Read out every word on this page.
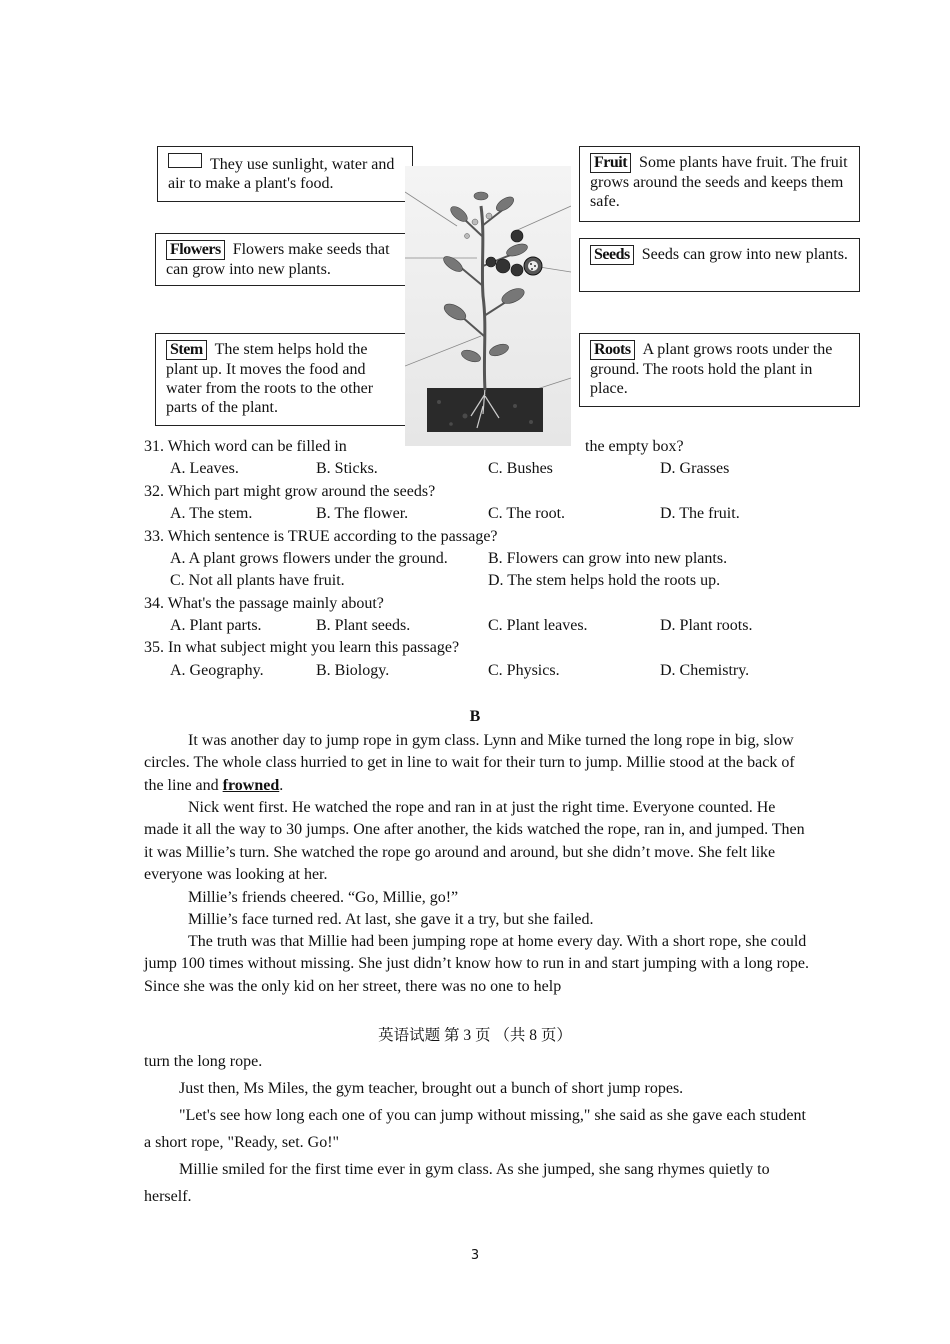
They use sunlight, water and air to make a plant's food.
Flowers Flowers make seeds that can grow into new plants.
Stem The stem helps hold the plant up. It moves the food and water from the roots to the other parts of the plant.
Fruit Some plants have fruit. The fruit grows around the seeds and keeps them safe.
Seeds Seeds can grow into new plants.
Roots A plant grows roots under the ground. The roots hold the plant in place.
31. Which word can be filled in	the empty box?
A. Leaves.	B. Sticks.	C. Bushes	D. Grasses
32. Which part might grow around the seeds?
A. The stem.	B. The flower.	C. The root.	D. The fruit.
33. Which sentence is TRUE according to the passage?
A. A plant grows flowers under the ground.	B. Flowers can grow into new plants.
C. Not all plants have fruit.	D. The stem helps hold the roots up.
34. What's the passage mainly about?
A. Plant parts.	B. Plant seeds.	C. Plant leaves.	D. Plant roots.
35. In what subject might you learn this passage?
A. Geography.	B. Biology.	C. Physics.	D. Chemistry.
B
It was another day to jump rope in gym class. Lynn and Mike turned the long rope in big, slow circles. The whole class hurried to get in line to wait for their turn to jump. Millie stood at the back of the line and frowned.
Nick went first. He watched the rope and ran in at just the right time. Everyone counted. He made it all the way to 30 jumps. One after another, the kids watched the rope, ran in, and jumped. Then it was Millie’s turn. She watched the rope go around and around, but she didn’t move. She felt like everyone was looking at her.
Millie’s friends cheered. “Go, Millie, go!”
Millie’s face turned red. At last, she gave it a try, but she failed.
The truth was that Millie had been jumping rope at home every day. With a short rope, she could jump 100 times without missing. She just didn’t know how to run in and start jumping with a long rope. Since she was the only kid on her street, there was no one to help
英语试题 第 3 页 （共 8 页）
turn the long rope.
Just then, Ms Miles, the gym teacher, brought out a bunch of short jump ropes.
"Let's see how long each one of you can jump without missing," she said as she gave each student a short rope, "Ready, set. Go!"
Millie smiled for the first time ever in gym class. As she jumped, she sang rhymes quietly to herself.
3
